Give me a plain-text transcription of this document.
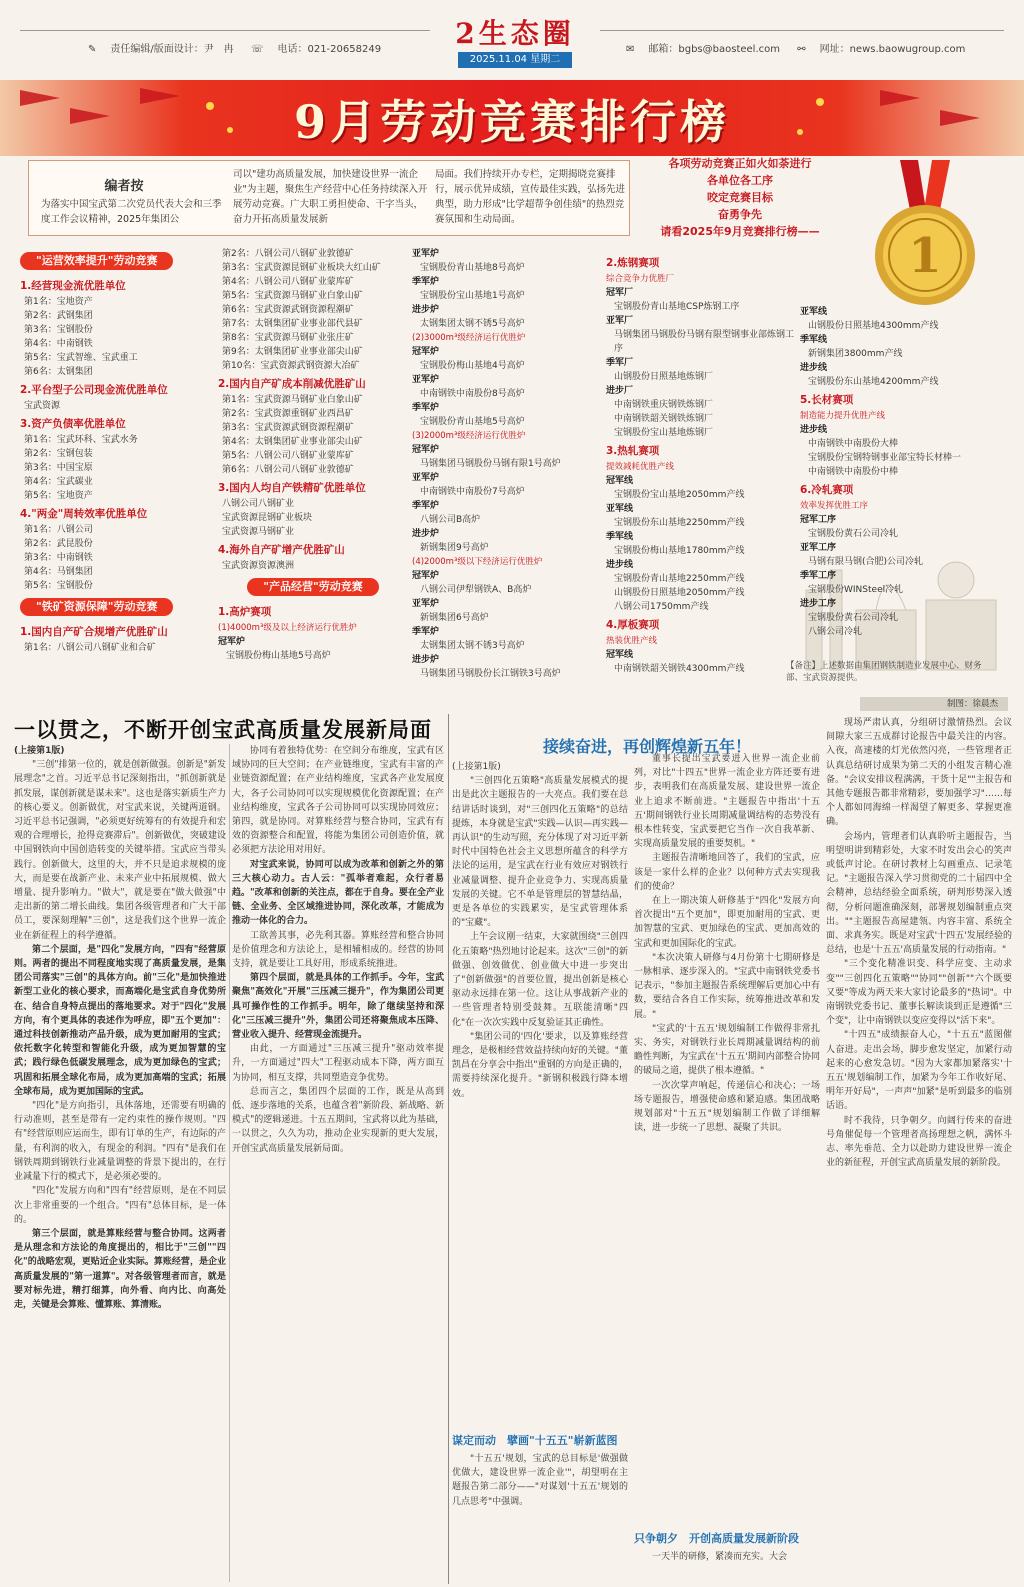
✎ 责任编辑/版面设计：尹　冉 ☏ 电话：021-20658249	2生态圈
2025.11.04 星期二
✉ 邮箱：bgbs@baosteel.com ⚯ 网址：news.baowugroup.com
9月劳动竞赛排行榜
编者按
为落实中国宝武第二次党员代表大会和三季度工作会议精神，2025年集团公
司以"建功高质量发展，加快建设世界一流企业"为主题，聚焦生产经营中心任务持续深入开展劳动竞赛。广大职工勇担使命、干字当头，奋力开拓高质量发展新
局面。我们持续开办专栏，定期揭晓竞赛排行，展示优异成绩，宣传最佳实践，弘扬先进典型，助力形成"比学超帮争创佳绩"的热烈竞赛氛围和生动局面。
各项劳动竞赛正如火如荼进行
各单位各工序
咬定竞赛目标
奋勇争先
请看2025年9月竞赛排行榜——	1
"运营效率提升"劳动竞赛
1.经营现金流优胜单位
第1名：宝地资产
第2名：武钢集团
第3名：宝钢股份
第4名：中南钢铁
第5名：宝武智维、宝武重工
第6名：太钢集团
2.平台型子公司现金流优胜单位
宝武资源
3.资产负债率优胜单位
第1名：宝武环科、宝武水务
第2名：宝钢包装
第3名：中国宝原
第4名：宝武碳业
第5名：宝地资产
4."两金"周转效率优胜单位
第1名：八钢公司
第2名：武昆股份
第3名：中南钢铁
第4名：马钢集团
第5名：宝钢股份
"铁矿资源保障"劳动竞赛
1.国内自产矿合规增产优胜矿山
第1名：八钢公司八钢矿业和合矿
第2名：八钢公司八钢矿业敦德矿
第3名：宝武资源昆钢矿业板块大红山矿
第4名：八钢公司八钢矿业蒙库矿
第5名：宝武资源马钢矿业白象山矿
第6名：宝武资源武钢资源程潮矿
第7名：太钢集团矿业事业部代县矿
第8名：宝武资源马钢矿业张庄矿
第9名：太钢集团矿业事业部尖山矿
第10名：宝武资源武钢资源大冶矿
2.国内自产矿成本削减优胜矿山
第1名：宝武资源马钢矿业白象山矿
第2名：宝武资源重钢矿业西昌矿
第3名：宝武资源武钢资源程潮矿
第4名：太钢集团矿业事业部尖山矿
第5名：八钢公司八钢矿业蒙库矿
第6名：八钢公司八钢矿业敦德矿
3.国内人均自产铁精矿优胜单位
八钢公司八钢矿业
宝武资源昆钢矿业板块
宝武资源马钢矿业
4.海外自产矿增产优胜矿山
宝武资源资源澳洲
"产品经营"劳动竞赛
1.高炉赛项
(1)4000m³级及以上经济运行优胜炉
冠军炉
宝钢股份梅山基地5号高炉
亚军炉
宝钢股份青山基地8号高炉
季军炉
宝钢股份宝山基地1号高炉
进步炉
太钢集团太钢不锈5号高炉
(2)3000m³级经济运行优胜炉
冠军炉
宝钢股份梅山基地4号高炉
亚军炉
中南钢铁中南股份8号高炉
季军炉
宝钢股份青山基地5号高炉
(3)2000m³级经济运行优胜炉
冠军炉
马钢集团马钢股份马钢有限1号高炉
亚军炉
中南钢铁中南股份7号高炉
季军炉
八钢公司B高炉
进步炉
新钢集团9号高炉
(4)2000m³级以下经济运行优胜炉
冠军炉
八钢公司伊犁钢铁A、B高炉
亚军炉
新钢集团6号高炉
季军炉
太钢集团太钢不锈3号高炉
进步炉
马钢集团马钢股份长江钢铁3号高炉
2.炼钢赛项
综合竞争力优胜厂
冠军厂
宝钢股份青山基地CSP炼钢工序
亚军厂
马钢集团马钢股份马钢有限型钢事业部炼钢工序
季军厂
山钢股份日照基地炼钢厂
进步厂
中南钢铁重庆钢铁炼钢厂
中南钢铁韶关钢铁炼钢厂
宝钢股份宝山基地炼钢厂
3.热轧赛项
提效减耗优胜产线
冠军线
宝钢股份宝山基地2050mm产线
亚军线
宝钢股份东山基地2250mm产线
季军线
宝钢股份梅山基地1780mm产线
进步线
宝钢股份青山基地2250mm产线
山钢股份日照基地2050mm产线
八钢公司1750mm产线
4.厚板赛项
热装优胜产线
冠军线
中南钢铁韶关钢铁4300mm产线
亚军线
山钢股份日照基地4300mm产线
季军线
新钢集团3800mm产线
进步线
宝钢股份东山基地4200mm产线
5.长材赛项
制造能力提升优胜产线
进步线
中南钢铁中南股份大棒
宝钢股份宝钢特钢事业部宝特长材棒一
中南钢铁中南股份中棒
6.冷轧赛项
效率发挥优胜工序
冠军工序
宝钢股份黄石公司冷轧
亚军工序
马钢有限马钢(合肥)公司冷轧
季军工序
宝钢股份WINSteel冷轧
进步工序
宝钢股份黄石公司冷轧
八钢公司冷轧
【备注】上述数据由集团钢铁制造业发展中心、财务部、宝武资源提供。
制图：徐晨杰
一以贯之，不断开创宝武高质量发展新局面
(上接第1版)

"三创"排第一位的，就是创新做强。创新是"新发展理念"之首。习近平总书记深刻指出，"抓创新就是抓发展，谋创新就是谋未来"。这也是落实新质生产力的核心要义。创新做优，对宝武来说，关键两道钢。习近平总书记强调，"必须更好统筹有的有效提升和宏观的合理增长，抢得竞赛滞后"。创新做优，突破建设中国钢铁向中国创造转变的关键举措。宝武应当带头践行。创新做大，这里的大，并不只是追求规模的庞大，而是要在战新产业、未来产业中拓展规模、做大增量、提升影响力。"做大"，就是要在"做大做强"中走出新的第二增长曲线。集团各级管理者和广大干部员工，要深刻理解"三创"，这是我们这个世界一流企业在新征程上的科学遵循。

第二个层面，是"四化"发展方向，"四有"经营原则。两者的提出不同程度地实现了高质量发展，是集团公司落实"三创"的具体方向。前"三化"是加快推进新型工业化的核心要求，而高端化是宝武自身优势所在、结合自身特点提出的落地要求。对于"四化"发展方向，有个更具体的表述作为呼应，即"五个更加"：通过科技创新推动产品升级，成为更加耐用的宝武；依托数字化转型和智能化升级，成为更加智慧的宝武；践行绿色低碳发展理念，成为更加绿色的宝武；巩固和拓展全球化布局，成为更加高端的宝武；拓展全球布局，成为更加国际的宝武。

"四化"是方向指引，具体落地，还需要有明确的行动准则，甚至是带有一定约束性的操作规则。"四有"经营原则应运而生，即有订单的生产，有边际的产量，有利润的收入，有现金的利润。"四有"是我们在钢铁周期到钢铁行业减量调整的背景下提出的，在行业减量下行的模式下，是必须必要的。

"四化"发展方向和"四有"经营原则，是在不同层次上非常重要的一个组合。"四有"总体目标，是一体的。

第三个层面，就是算账经营与整合协同。这两者是从理念和方法论的角度提出的，相比于"三创""四化"的战略宏观，更贴近企业实际。算账经营，是企业高质量发展的"第一道算"。对各级管理者而言，就是要对标先进，精打细算，向外看、向内比、向高处走，关键是会算账、懂算账、算清账。

协同有着独特优势：在空间分布维度，宝武有区域协同的巨大空间；在产业链维度，宝武有丰富的产业链资源配置；在产业结构维度，宝武各产业发展度大，各子公司协同可以实现规模优化资源配置；在产业结构维度，宝武各子公司协同可以实现协同效应；第四，就是协同。对算账经营与整合协同，宝武有有效的资源整合和配置，将能为集团公司创造价值，就必须把方法论用对用好。

对宝武来说，协同可以成为改革和创新之外的第三大核心动力。古人云："孤举者难起，众行者易趋。"改革和创新的关注点，都在于自身。要在全产业链、全业务、全区域推进协同，深化改革，才能成为推动一体化的合力。

工欲善其事，必先利其器。算账经营和整合协同是价值理念和方法论上，是相辅相成的。经营的协同支持，就是要让工具好用，形成系统推进。

第四个层面，就是具体的工作抓手。今年，宝武聚焦"高效化"开展"三压减三提升"，作为集团公司更具可操作性的工作抓手。明年，除了继续坚持和深化"三压减三提升"外，集团公司还将聚焦成本压降、营业收入提升、经营现金流提升。

由此，一方面通过"三压减三提升"驱动效率提升，一方面通过"四大"工程驱动成本下降，两方面互为协同，相互支撑，共同塑造竞争优势。

总而言之，集团四个层面的工作，既是从高到低、逐步落地的关系，也蕴含着"新阶段、新战略、新模式"的逻辑递进。十五五期间，宝武将以此为基础，一以贯之，久久为功，推动企业实现新的更大发展，开创宝武高质量发展新局面。

接续奋进，再创辉煌新五年！
(上接第1版)

"三创四化五策略"高质量发展模式的提出是此次主题报告的一大亮点。我们要在总结讲话时谈到，对"三创四化五策略"的总结提炼，本身就是宝武"实践—认识—再实践—再认识"的生动写照，充分体现了对习近平新时代中国特色社会主义思想所蕴含的科学方法论的运用，是宝武在行业有效应对钢铁行业减量调整、提升企业竞争力、实现高质量发展的关键。它不单是管理层的智慧结晶，更是各单位的实践累实，是宝武管理体系的"宝藏"。

上午会议刚一结束，大家就围绕"三创四化五策略"热烈地讨论起来。这次"三创"的新做强、创效做优、创业做大中进一步突出了"创新做强"的首要位置，提出创新是核心驱动永远排在第一位。这让从事战新产业的一些管理者特别受鼓舞。互联能清晰"四化"在一次次实践中反复验证其正确性。

"集团公司的'四化'要求，以及算账经营理念，是极相经营效益持续向好的关键。"董凯昌在分享会中指出"重钢的方向是正确的，需要持续深化提升。"新钢积极践行降本增效。

谋定而动　擘画"十五五"崭新蓝图

"十五五'规划，宝武的总目标是'做强做优做大，建设世界一流企业'"，胡望明在主题报告第二部分——"对谋划'十五五'规划的几点思考"中强调。

董事长提出宝武要进入世界一流企业前列，对比"十四五"世界一流企业方阵还要有进步，表明我们在高质量发展、建设世界一流企业上追求不断前进。"主题报告中指出'十五五'期间钢铁行业长周期减量调结构的态势没有根本性转变，宝武要把它当作一次自我革新、实现高质量发展的重要契机。"

主题报告清晰地回答了，我们的宝武，应该是一家什么样的企业？以何种方式去实现我们的使命？

在上一期决策人研修基于"四化"发展方向首次提出"五个更加"，即更加耐用的宝武、更加智慧的宝武、更加绿色的宝武、更加高效的宝武和更加国际化的宝武。

"本次决策人研修与4月份第十七期研修是一脉相承、逐步深入的。"宝武中南钢铁党委书记表示，"参加主题报告系统理解后更加心中有数，要结合各自工作实际，统筹推进改革和发展。"

"宝武的'十五五'规划编制工作做得非常扎实、务实，对钢铁行业长周期减量调结构的前瞻性判断，为宝武在'十五五'期间内部整合协同的破局之道，提供了根本遵循。"

一次次掌声响起，传递信心和决心；一场场专题报告，增强使命感和紧迫感。集团战略规划部对"十五五"规划编制工作做了详细解读，进一步统一了思想、凝聚了共识。

只争朝夕　开创高质量发展新阶段

一天半的研修，紧凑而充实。大会

现场严肃认真，分组研讨激情热烈。会议间隙大家三五成群讨论报告中最关注的内容。入夜，高速楼的灯光依然闪亮，一些管理者正认真总结研讨成果为第二天的小组发言精心准备。"会议安排议程满满，干货十足""主报告和其他专题报告都非常精彩，要加强学习"……每个人都如同海绵一样渴望了解更多、掌握更准确。

会场内，管理者们认真聆听主题报告，当明望明讲到精彩处，大家不时发出会心的笑声或低声讨论。在研讨教材上勾画重点、记录笔记。"主题报告深入学习贯彻党的二十届四中全会精神，总结经验全面系统，研判形势深入透彻，分析问题准确深刻，部署规划编制重点突出。""主题报告高屋建瓴、内容丰富、系统全面、求真务实。既是对宝武'十四五'发展经验的总结，也是'十五五'高质量发展的行动指南。"

"三个变化精准识变、科学应变、主动求变""三创四化五策略""协同""创新""六个既要又要"等成为两天来大家讨论最多的"热词"。中南钢铁党委书记、董事长解读谈到正是遵循"三个变"，让中南钢铁以变应变得以"活下来"。

"十四五"成绩振奋人心，"十五五"蓝图催人奋进。走出会场，脚步愈发坚定，加紧行动起来的心愈发急切。"因为大家都加紧落实'十五五'规划编制工作，加紧为今年工作收好尾、明年开好局"，一声声"加紧"是听到最多的临别话语。

时不我待，只争朝夕。向阔行传来的奋进号角催促每一个管理者高扬理想之帆，满怀斗志、率先垂范、全力以赴助力建设世界一流企业的新征程，开创宝武高质量发展的新阶段。
